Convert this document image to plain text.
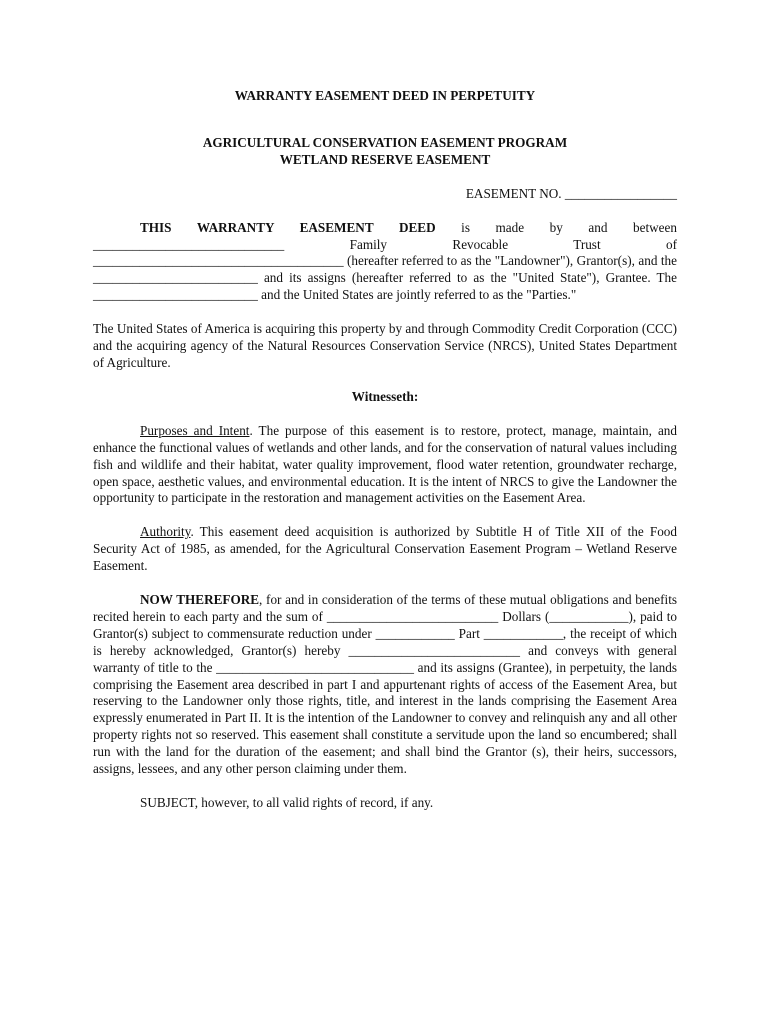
WARRANTY EASEMENT DEED IN PERPETUITY
AGRICULTURAL CONSERVATION EASEMENT PROGRAM
WETLAND RESERVE EASEMENT
EASEMENT NO. _________________

THIS WARRANTY EASEMENT DEED is made by and between _____________________________ Family Revocable Trust of ______________________________________ (hereafter referred to as the "Landowner"), Grantor(s), and the _________________________ and its assigns (hereafter referred to as the "United State"), Grantee. The _________________________ and the United States are jointly referred to as the "Parties."

The United States of America is acquiring this property by and through Commodity Credit Corporation (CCC) and the acquiring agency of the Natural Resources Conservation Service (NRCS), United States Department of Agriculture.

Witnesseth:

Purposes and Intent. The purpose of this easement is to restore, protect, manage, maintain, and enhance the functional values of wetlands and other lands, and for the conservation of natural values including fish and wildlife and their habitat, water quality improvement, flood water retention, groundwater recharge, open space, aesthetic values, and environmental education. It is the intent of NRCS to give the Landowner the opportunity to participate in the restoration and management activities on the Easement Area.

Authority. This easement deed acquisition is authorized by Subtitle H of Title XII of the Food Security Act of 1985, as amended, for the Agricultural Conservation Easement Program – Wetland Reserve Easement.

NOW THEREFORE, for and in consideration of the terms of these mutual obligations and benefits recited herein to each party and the sum of __________________________ Dollars (____________), paid to Grantor(s) subject to commensurate reduction under ____________ Part ____________, the receipt of which is hereby acknowledged, Grantor(s) hereby __________________________ and conveys with general warranty of title to the ______________________________ and its assigns (Grantee), in perpetuity, the lands comprising the Easement area described in part I and appurtenant rights of access of the Easement Area, but reserving to the Landowner only those rights, title, and interest in the lands comprising the Easement Area expressly enumerated in Part II. It is the intention of the Landowner to convey and relinquish any and all other property rights not so reserved. This easement shall constitute a servitude upon the land so encumbered; shall run with the land for the duration of the easement; and shall bind the Grantor (s), their heirs, successors, assigns, lessees, and any other person claiming under them.

SUBJECT, however, to all valid rights of record, if any.
